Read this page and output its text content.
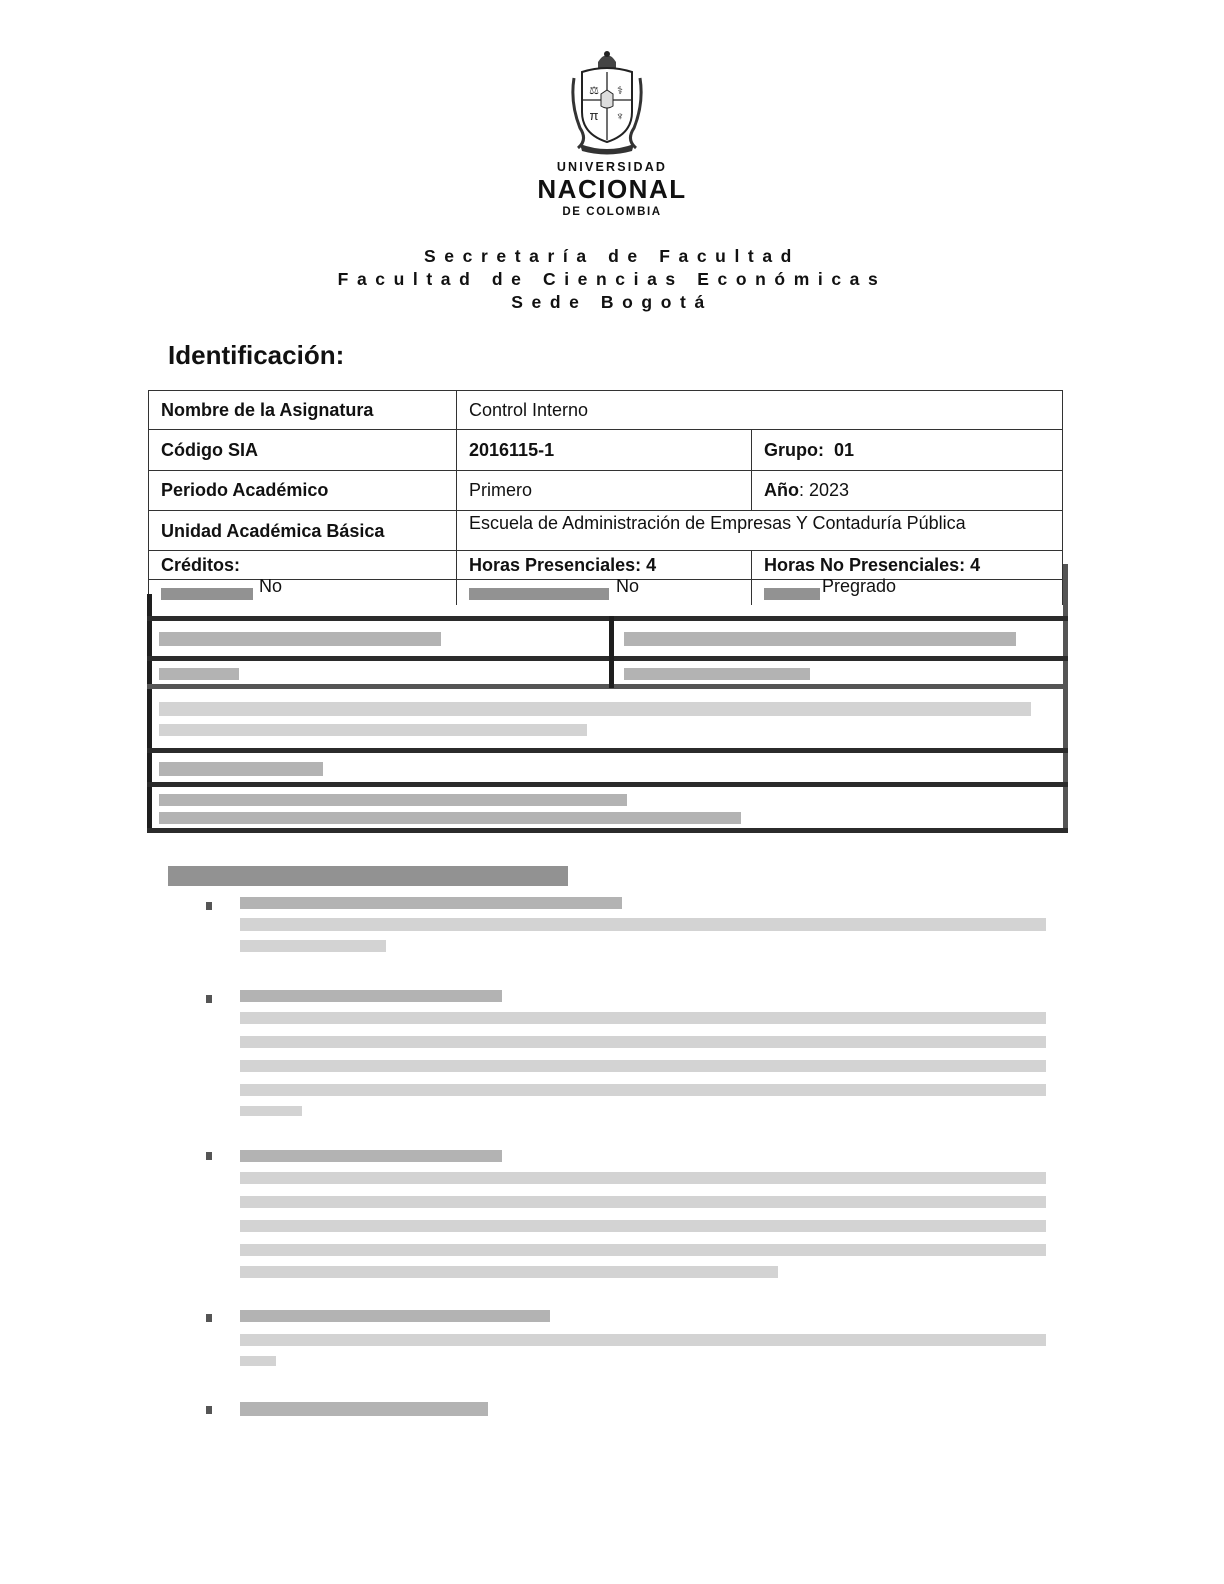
⚖ ⚕
π ♆
UNIVERSIDAD
NACIONAL
DE COLOMBIA
Secretaría de Facultad
Facultad de Ciencias Económicas
Sede Bogotá
Identificación:
Nombre de la Asignatura	Control Interno
Código SIA	2016115-1	Grupo:  01
Periodo Académico	Primero	Año : 2023
Unidad Académica Básica	Escuela de Administración de Empresas Y Contaduría Pública
Créditos:	Horas Presenciales: 4	Horas No Presenciales: 4
No	No	Pregrado
